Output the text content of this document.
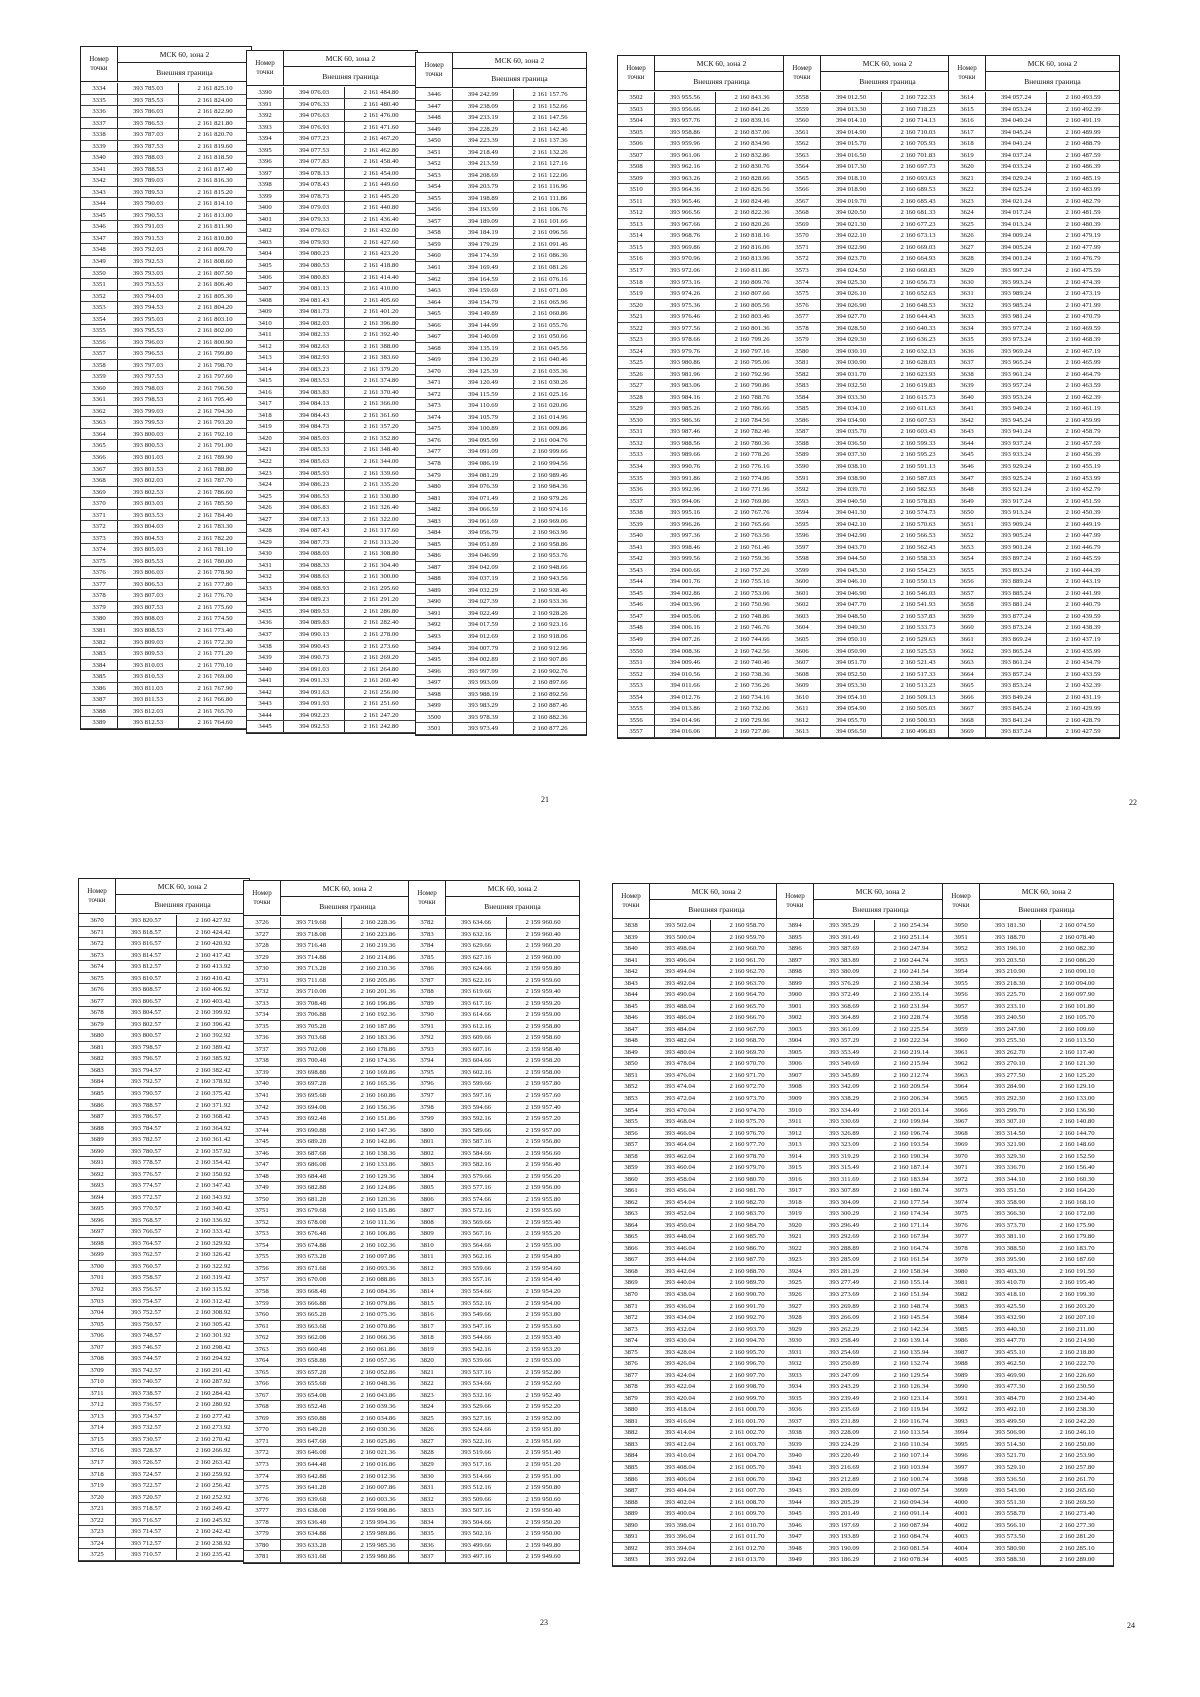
Номер
точки
МСК 60, зона 2
Внешняя граница
3334	393 785.03	2 161 825.10
3335	393 785.53	2 161 824.00
3336	393 786.03	2 161 822.90
3337	393 786.53	2 161 821.80
3338	393 787.03	2 161 820.70
3339	393 787.53	2 161 819.60
3340	393 788.03	2 161 818.50
3341	393 788.53	2 161 817.40
3342	393 789.03	2 161 816.30
3343	393 789.53	2 161 815.20
3344	393 790.03	2 161 814.10
3345	393 790.53	2 161 813.00
3346	393 791.03	2 161 811.90
3347	393 791.53	2 161 810.80
3348	393 792.03	2 161 809.70
3349	393 792.53	2 161 808.60
3350	393 793.03	2 161 807.50
3351	393 793.53	2 161 806.40
3352	393 794.03	2 161 805.30
3353	393 794.53	2 161 804.20
3354	393 795.03	2 161 803.10
3355	393 795.53	2 161 802.00
3356	393 796.03	2 161 800.90
3357	393 796.53	2 161 799.80
3358	393 797.03	2 161 798.70
3359	393 797.53	2 161 797.60
3360	393 798.03	2 161 796.50
3361	393 798.53	2 161 795.40
3362	393 799.03	2 161 794.30
3363	393 799.53	2 161 793.20
3364	393 800.03	2 161 792.10
3365	393 800.53	2 161 791.00
3366	393 801.03	2 161 789.90
3367	393 801.53	2 161 788.80
3368	393 802.03	2 161 787.70
3369	393 802.53	2 161 786.60
3370	393 803.03	2 161 785.50
3371	393 803.53	2 161 784.40
3372	393 804.03	2 161 783.30
3373	393 804.53	2 161 782.20
3374	393 805.03	2 161 781.10
3375	393 805.53	2 161 780.00
3376	393 806.03	2 161 778.90
3377	393 806.53	2 161 777.80
3378	393 807.03	2 161 776.70
3379	393 807.53	2 161 775.60
3380	393 808.03	2 161 774.50
3381	393 808.53	2 161 773.40
3382	393 809.03	2 161 772.30
3383	393 809.53	2 161 771.20
3384	393 810.03	2 161 770.10
3385	393 810.53	2 161 769.00
3386	393 811.03	2 161 767.90
3387	393 811.53	2 161 766.80
3388	393 812.03	2 161 765.70
3389	393 812.53	2 161 764.60
Номер
точки
МСК 60, зона 2
Внешняя граница
3390	394 076.03	2 161 484.80
3391	394 076.33	2 161 480.40
3392	394 076.63	2 161 476.00
3393	394 076.93	2 161 471.60
3394	394 077.23	2 161 467.20
3395	394 077.53	2 161 462.80
3396	394 077.83	2 161 458.40
3397	394 078.13	2 161 454.00
3398	394 078.43	2 161 449.60
3399	394 078.73	2 161 445.20
3400	394 079.03	2 161 440.80
3401	394 079.33	2 161 436.40
3402	394 079.63	2 161 432.00
3403	394 079.93	2 161 427.60
3404	394 080.23	2 161 423.20
3405	394 080.53	2 161 418.80
3406	394 080.83	2 161 414.40
3407	394 081.13	2 161 410.00
3408	394 081.43	2 161 405.60
3409	394 081.73	2 161 401.20
3410	394 082.03	2 161 396.80
3411	394 082.33	2 161 392.40
3412	394 082.63	2 161 388.00
3413	394 082.93	2 161 383.60
3414	394 083.23	2 161 379.20
3415	394 083.53	2 161 374.80
3416	394 083.83	2 161 370.40
3417	394 084.13	2 161 366.00
3418	394 084.43	2 161 361.60
3419	394 084.73	2 161 357.20
3420	394 085.03	2 161 352.80
3421	394 085.33	2 161 348.40
3422	394 085.63	2 161 344.00
3423	394 085.93	2 161 339.60
3424	394 086.23	2 161 335.20
3425	394 086.53	2 161 330.80
3426	394 086.83	2 161 326.40
3427	394 087.13	2 161 322.00
3428	394 087.43	2 161 317.60
3429	394 087.73	2 161 313.20
3430	394 088.03	2 161 308.80
3431	394 088.33	2 161 304.40
3432	394 088.63	2 161 300.00
3433	394 088.93	2 161 295.60
3434	394 089.23	2 161 291.20
3435	394 089.53	2 161 286.80
3436	394 089.83	2 161 282.40
3437	394 090.13	2 161 278.00
3438	394 090.43	2 161 273.60
3439	394 090.73	2 161 269.20
3440	394 091.03	2 161 264.80
3441	394 091.33	2 161 260.40
3442	394 091.63	2 161 256.00
3443	394 091.93	2 161 251.60
3444	394 092.23	2 161 247.20
3445	394 092.53	2 161 242.80
Номер
точки
МСК 60, зона 2
Внешняя граница
3446	394 242.99	2 161 157.76
3447	394 238.09	2 161 152.66
3448	394 233.19	2 161 147.56
3449	394 228.29	2 161 142.46
3450	394 223.39	2 161 137.36
3451	394 218.49	2 161 132.26
3452	394 213.59	2 161 127.16
3453	394 208.69	2 161 122.06
3454	394 203.79	2 161 116.96
3455	394 198.89	2 161 111.86
3456	394 193.99	2 161 106.76
3457	394 189.09	2 161 101.66
3458	394 184.19	2 161 096.56
3459	394 179.29	2 161 091.46
3460	394 174.39	2 161 086.36
3461	394 169.49	2 161 081.26
3462	394 164.59	2 161 076.16
3463	394 159.69	2 161 071.06
3464	394 154.79	2 161 065.96
3465	394 149.89	2 161 060.86
3466	394 144.99	2 161 055.76
3467	394 140.09	2 161 050.66
3468	394 135.19	2 161 045.56
3469	394 130.29	2 161 040.46
3470	394 125.39	2 161 035.36
3471	394 120.49	2 161 030.26
3472	394 115.59	2 161 025.16
3473	394 110.69	2 161 020.06
3474	394 105.79	2 161 014.96
3475	394 100.89	2 161 009.86
3476	394 095.99	2 161 004.76
3477	394 091.09	2 160 999.66
3478	394 086.19	2 160 994.56
3479	394 081.29	2 160 989.46
3480	394 076.39	2 160 984.36
3481	394 071.49	2 160 979.26
3482	394 066.59	2 160 974.16
3483	394 061.69	2 160 969.06
3484	394 056.79	2 160 963.96
3485	394 051.89	2 160 958.86
3486	394 046.99	2 160 953.76
3487	394 042.09	2 160 948.66
3488	394 037.19	2 160 943.56
3489	394 032.29	2 160 938.46
3490	394 027.39	2 160 933.36
3491	394 022.49	2 160 928.26
3492	394 017.59	2 160 923.16
3493	394 012.69	2 160 918.06
3494	394 007.79	2 160 912.96
3495	394 002.89	2 160 907.86
3496	393 997.99	2 160 902.76
3497	393 993.09	2 160 897.66
3498	393 988.19	2 160 892.56
3499	393 983.29	2 160 887.46
3500	393 978.39	2 160 882.36
3501	393 973.49	2 160 877.26
Номер
точки
МСК 60, зона 2
Внешняя граница
3502	393 955.56	2 160 843.36
3503	393 956.66	2 160 841.26
3504	393 957.76	2 160 839.16
3505	393 958.86	2 160 837.06
3506	393 959.96	2 160 834.96
3507	393 961.06	2 160 832.86
3508	393 962.16	2 160 830.76
3509	393 963.26	2 160 828.66
3510	393 964.36	2 160 826.56
3511	393 965.46	2 160 824.46
3512	393 966.56	2 160 822.36
3513	393 967.66	2 160 820.26
3514	393 968.76	2 160 818.16
3515	393 969.86	2 160 816.06
3516	393 970.96	2 160 813.96
3517	393 972.06	2 160 811.86
3518	393 973.16	2 160 809.76
3519	393 974.26	2 160 807.66
3520	393 975.36	2 160 805.56
3521	393 976.46	2 160 803.46
3522	393 977.56	2 160 801.36
3523	393 978.66	2 160 799.26
3524	393 979.76	2 160 797.16
3525	393 980.86	2 160 795.06
3526	393 981.96	2 160 792.96
3527	393 983.06	2 160 790.86
3528	393 984.16	2 160 788.76
3529	393 985.26	2 160 786.66
3530	393 986.36	2 160 784.56
3531	393 987.46	2 160 782.46
3532	393 988.56	2 160 780.36
3533	393 989.66	2 160 778.26
3534	393 990.76	2 160 776.16
3535	393 991.86	2 160 774.06
3536	393 992.96	2 160 771.96
3537	393 994.06	2 160 769.86
3538	393 995.16	2 160 767.76
3539	393 996.26	2 160 765.66
3540	393 997.36	2 160 763.56
3541	393 998.46	2 160 761.46
3542	393 999.56	2 160 759.36
3543	394 000.66	2 160 757.26
3544	394 001.76	2 160 755.16
3545	394 002.86	2 160 753.06
3546	394 003.96	2 160 750.96
3547	394 005.06	2 160 748.86
3548	394 006.16	2 160 746.76
3549	394 007.26	2 160 744.66
3550	394 008.36	2 160 742.56
3551	394 009.46	2 160 740.46
3552	394 010.56	2 160 738.36
3553	394 011.66	2 160 736.26
3554	394 012.76	2 160 734.16
3555	394 013.86	2 160 732.06
3556	394 014.96	2 160 729.96
3557	394 016.06	2 160 727.86
Номер
точки
МСК 60, зона 2
Внешняя граница
3558	394 012.50	2 160 722.33
3559	394 013.30	2 160 718.23
3560	394 014.10	2 160 714.13
3561	394 014.90	2 160 710.03
3562	394 015.70	2 160 705.93
3563	394 016.50	2 160 701.83
3564	394 017.30	2 160 697.73
3565	394 018.10	2 160 693.63
3566	394 018.90	2 160 689.53
3567	394 019.70	2 160 685.43
3568	394 020.50	2 160 681.33
3569	394 021.30	2 160 677.23
3570	394 022.10	2 160 673.13
3571	394 022.90	2 160 669.03
3572	394 023.70	2 160 664.93
3573	394 024.50	2 160 660.83
3574	394 025.30	2 160 656.73
3575	394 026.10	2 160 652.63
3576	394 026.90	2 160 648.53
3577	394 027.70	2 160 644.43
3578	394 028.50	2 160 640.33
3579	394 029.30	2 160 636.23
3580	394 030.10	2 160 632.13
3581	394 030.90	2 160 628.03
3582	394 031.70	2 160 623.93
3583	394 032.50	2 160 619.83
3584	394 033.30	2 160 615.73
3585	394 034.10	2 160 611.63
3586	394 034.90	2 160 607.53
3587	394 035.70	2 160 603.43
3588	394 036.50	2 160 599.33
3589	394 037.30	2 160 595.23
3590	394 038.10	2 160 591.13
3591	394 038.90	2 160 587.03
3592	394 039.70	2 160 582.93
3593	394 040.50	2 160 578.83
3594	394 041.30	2 160 574.73
3595	394 042.10	2 160 570.63
3596	394 042.90	2 160 566.53
3597	394 043.70	2 160 562.43
3598	394 044.50	2 160 558.33
3599	394 045.30	2 160 554.23
3600	394 046.10	2 160 550.13
3601	394 046.90	2 160 546.03
3602	394 047.70	2 160 541.93
3603	394 048.50	2 160 537.83
3604	394 049.30	2 160 533.73
3605	394 050.10	2 160 529.63
3606	394 050.90	2 160 525.53
3607	394 051.70	2 160 521.43
3608	394 052.50	2 160 517.33
3609	394 053.30	2 160 513.23
3610	394 054.10	2 160 509.13
3611	394 054.90	2 160 505.03
3612	394 055.70	2 160 500.93
3613	394 056.50	2 160 496.83
Номер
точки
МСК 60, зона 2
Внешняя граница
3614	394 057.24	2 160 493.59
3615	394 053.24	2 160 492.39
3616	394 049.24	2 160 491.19
3617	394 045.24	2 160 489.99
3618	394 041.24	2 160 488.79
3619	394 037.24	2 160 487.59
3620	394 033.24	2 160 486.39
3621	394 029.24	2 160 485.19
3622	394 025.24	2 160 483.99
3623	394 021.24	2 160 482.79
3624	394 017.24	2 160 481.59
3625	394 013.24	2 160 480.39
3626	394 009.24	2 160 479.19
3627	394 005.24	2 160 477.99
3628	394 001.24	2 160 476.79
3629	393 997.24	2 160 475.59
3630	393 993.24	2 160 474.39
3631	393 989.24	2 160 473.19
3632	393 985.24	2 160 471.99
3633	393 981.24	2 160 470.79
3634	393 977.24	2 160 469.59
3635	393 973.24	2 160 468.39
3636	393 969.24	2 160 467.19
3637	393 965.24	2 160 465.99
3638	393 961.24	2 160 464.79
3639	393 957.24	2 160 463.59
3640	393 953.24	2 160 462.39
3641	393 949.24	2 160 461.19
3642	393 945.24	2 160 459.99
3643	393 941.24	2 160 458.79
3644	393 937.24	2 160 457.59
3645	393 933.24	2 160 456.39
3646	393 929.24	2 160 455.19
3647	393 925.24	2 160 453.99
3648	393 921.24	2 160 452.79
3649	393 917.24	2 160 451.59
3650	393 913.24	2 160 450.39
3651	393 909.24	2 160 449.19
3652	393 905.24	2 160 447.99
3653	393 901.24	2 160 446.79
3654	393 897.24	2 160 445.59
3655	393 893.24	2 160 444.39
3656	393 889.24	2 160 443.19
3657	393 885.24	2 160 441.99
3658	393 881.24	2 160 440.79
3659	393 877.24	2 160 439.59
3660	393 873.24	2 160 438.39
3661	393 869.24	2 160 437.19
3662	393 865.24	2 160 435.99
3663	393 861.24	2 160 434.79
3664	393 857.24	2 160 433.59
3665	393 853.24	2 160 432.39
3666	393 849.24	2 160 431.19
3667	393 845.24	2 160 429.99
3668	393 841.24	2 160 428.79
3669	393 837.24	2 160 427.59
21	22
Номер
точки
МСК 60, зона 2
Внешняя граница
3670	393 820.57	2 160 427.92
3671	393 818.57	2 160 424.42
3672	393 816.57	2 160 420.92
3673	393 814.57	2 160 417.42
3674	393 812.57	2 160 413.92
3675	393 810.57	2 160 410.42
3676	393 808.57	2 160 406.92
3677	393 806.57	2 160 403.42
3678	393 804.57	2 160 399.92
3679	393 802.57	2 160 396.42
3680	393 800.57	2 160 392.92
3681	393 798.57	2 160 389.42
3682	393 796.57	2 160 385.92
3683	393 794.57	2 160 382.42
3684	393 792.57	2 160 378.92
3685	393 790.57	2 160 375.42
3686	393 788.57	2 160 371.92
3687	393 786.57	2 160 368.42
3688	393 784.57	2 160 364.92
3689	393 782.57	2 160 361.42
3690	393 780.57	2 160 357.92
3691	393 778.57	2 160 354.42
3692	393 776.57	2 160 350.92
3693	393 774.57	2 160 347.42
3694	393 772.57	2 160 343.92
3695	393 770.57	2 160 340.42
3696	393 768.57	2 160 336.92
3697	393 766.57	2 160 333.42
3698	393 764.57	2 160 329.92
3699	393 762.57	2 160 326.42
3700	393 760.57	2 160 322.92
3701	393 758.57	2 160 319.42
3702	393 756.57	2 160 315.92
3703	393 754.57	2 160 312.42
3704	393 752.57	2 160 308.92
3705	393 750.57	2 160 305.42
3706	393 748.57	2 160 301.92
3707	393 746.57	2 160 298.42
3708	393 744.57	2 160 294.92
3709	393 742.57	2 160 291.42
3710	393 740.57	2 160 287.92
3711	393 738.57	2 160 284.42
3712	393 736.57	2 160 280.92
3713	393 734.57	2 160 277.42
3714	393 732.57	2 160 273.92
3715	393 730.57	2 160 270.42
3716	393 728.57	2 160 266.92
3717	393 726.57	2 160 263.42
3718	393 724.57	2 160 259.92
3719	393 722.57	2 160 256.42
3720	393 720.57	2 160 252.92
3721	393 718.57	2 160 249.42
3722	393 716.57	2 160 245.92
3723	393 714.57	2 160 242.42
3724	393 712.57	2 160 238.92
3725	393 710.57	2 160 235.42
Номер
точки
МСК 60, зона 2
Внешняя граница
3726	393 719.68	2 160 228.36
3727	393 718.08	2 160 223.86
3728	393 716.48	2 160 219.36
3729	393 714.88	2 160 214.86
3730	393 713.28	2 160 210.36
3731	393 711.68	2 160 205.86
3732	393 710.08	2 160 201.36
3733	393 708.48	2 160 196.86
3734	393 706.88	2 160 192.36
3735	393 705.28	2 160 187.86
3736	393 703.68	2 160 183.36
3737	393 702.08	2 160 178.86
3738	393 700.48	2 160 174.36
3739	393 698.88	2 160 169.86
3740	393 697.28	2 160 165.36
3741	393 695.68	2 160 160.86
3742	393 694.08	2 160 156.36
3743	393 692.48	2 160 151.86
3744	393 690.88	2 160 147.36
3745	393 689.28	2 160 142.86
3746	393 687.68	2 160 138.36
3747	393 686.08	2 160 133.86
3748	393 684.48	2 160 129.36
3749	393 682.88	2 160 124.86
3750	393 681.28	2 160 120.36
3751	393 679.68	2 160 115.86
3752	393 678.08	2 160 111.36
3753	393 676.48	2 160 106.86
3754	393 674.88	2 160 102.36
3755	393 673.28	2 160 097.86
3756	393 671.68	2 160 093.36
3757	393 670.08	2 160 088.86
3758	393 668.48	2 160 084.36
3759	393 666.88	2 160 079.86
3760	393 665.28	2 160 075.36
3761	393 663.68	2 160 070.86
3762	393 662.08	2 160 066.36
3763	393 660.48	2 160 061.86
3764	393 658.88	2 160 057.36
3765	393 657.28	2 160 052.86
3766	393 655.68	2 160 048.36
3767	393 654.08	2 160 043.86
3768	393 652.48	2 160 039.36
3769	393 650.88	2 160 034.86
3770	393 649.28	2 160 030.36
3771	393 647.68	2 160 025.86
3772	393 646.08	2 160 021.36
3773	393 644.48	2 160 016.86
3774	393 642.88	2 160 012.36
3775	393 641.28	2 160 007.86
3776	393 639.68	2 160 003.36
3777	393 638.08	2 159 998.86
3778	393 636.48	2 159 994.36
3779	393 634.88	2 159 989.86
3780	393 633.28	2 159 985.36
3781	393 631.68	2 159 980.86
Номер
точки
МСК 60, зона 2
Внешняя граница
3782	393 634.66	2 159 960.60
3783	393 632.16	2 159 960.40
3784	393 629.66	2 159 960.20
3785	393 627.16	2 159 960.00
3786	393 624.66	2 159 959.80
3787	393 622.16	2 159 959.60
3788	393 619.66	2 159 959.40
3789	393 617.16	2 159 959.20
3790	393 614.66	2 159 959.00
3791	393 612.16	2 159 958.80
3792	393 609.66	2 159 958.60
3793	393 607.16	2 159 958.40
3794	393 604.66	2 159 958.20
3795	393 602.16	2 159 958.00
3796	393 599.66	2 159 957.80
3797	393 597.16	2 159 957.60
3798	393 594.66	2 159 957.40
3799	393 592.16	2 159 957.20
3800	393 589.66	2 159 957.00
3801	393 587.16	2 159 956.80
3802	393 584.66	2 159 956.60
3803	393 582.16	2 159 956.40
3804	393 579.66	2 159 956.20
3805	393 577.16	2 159 956.00
3806	393 574.66	2 159 955.80
3807	393 572.16	2 159 955.60
3808	393 569.66	2 159 955.40
3809	393 567.16	2 159 955.20
3810	393 564.66	2 159 955.00
3811	393 562.16	2 159 954.80
3812	393 559.66	2 159 954.60
3813	393 557.16	2 159 954.40
3814	393 554.66	2 159 954.20
3815	393 552.16	2 159 954.00
3816	393 549.66	2 159 953.80
3817	393 547.16	2 159 953.60
3818	393 544.66	2 159 953.40
3819	393 542.16	2 159 953.20
3820	393 539.66	2 159 953.00
3821	393 537.16	2 159 952.80
3822	393 534.66	2 159 952.60
3823	393 532.16	2 159 952.40
3824	393 529.66	2 159 952.20
3825	393 527.16	2 159 952.00
3826	393 524.66	2 159 951.80
3827	393 522.16	2 159 951.60
3828	393 519.66	2 159 951.40
3829	393 517.16	2 159 951.20
3830	393 514.66	2 159 951.00
3831	393 512.16	2 159 950.80
3832	393 509.66	2 159 950.60
3833	393 507.16	2 159 950.40
3834	393 504.66	2 159 950.20
3835	393 502.16	2 159 950.00
3836	393 499.66	2 159 949.80
3837	393 497.16	2 159 949.60
Номер
точки
МСК 60, зона 2
Внешняя граница
3838	393 502.04	2 160 958.70
3839	393 500.04	2 160 959.70
3840	393 498.04	2 160 960.70
3841	393 496.04	2 160 961.70
3842	393 494.04	2 160 962.70
3843	393 492.04	2 160 963.70
3844	393 490.04	2 160 964.70
3845	393 488.04	2 160 965.70
3846	393 486.04	2 160 966.70
3847	393 484.04	2 160 967.70
3848	393 482.04	2 160 968.70
3849	393 480.04	2 160 969.70
3850	393 478.04	2 160 970.70
3851	393 476.04	2 160 971.70
3852	393 474.04	2 160 972.70
3853	393 472.04	2 160 973.70
3854	393 470.04	2 160 974.70
3855	393 468.04	2 160 975.70
3856	393 466.04	2 160 976.70
3857	393 464.04	2 160 977.70
3858	393 462.04	2 160 978.70
3859	393 460.04	2 160 979.70
3860	393 458.04	2 160 980.70
3861	393 456.04	2 160 981.70
3862	393 454.04	2 160 982.70
3863	393 452.04	2 160 983.70
3864	393 450.04	2 160 984.70
3865	393 448.04	2 160 985.70
3866	393 446.04	2 160 986.70
3867	393 444.04	2 160 987.70
3868	393 442.04	2 160 988.70
3869	393 440.04	2 160 989.70
3870	393 438.04	2 160 990.70
3871	393 436.04	2 160 991.70
3872	393 434.04	2 160 992.70
3873	393 432.04	2 160 993.70
3874	393 430.04	2 160 994.70
3875	393 428.04	2 160 995.70
3876	393 426.04	2 160 996.70
3877	393 424.04	2 160 997.70
3878	393 422.04	2 160 998.70
3879	393 420.04	2 160 999.70
3880	393 418.04	2 161 000.70
3881	393 416.04	2 161 001.70
3882	393 414.04	2 161 002.70
3883	393 412.04	2 161 003.70
3884	393 410.04	2 161 004.70
3885	393 408.04	2 161 005.70
3886	393 406.04	2 161 006.70
3887	393 404.04	2 161 007.70
3888	393 402.04	2 161 008.70
3889	393 400.04	2 161 009.70
3890	393 398.04	2 161 010.70
3891	393 396.04	2 161 011.70
3892	393 394.04	2 161 012.70
3893	393 392.04	2 161 013.70
Номер
точки
МСК 60, зона 2
Внешняя граница
3894	393 395.29	2 160 254.34
3895	393 391.49	2 160 251.14
3896	393 387.69	2 160 247.94
3897	393 383.89	2 160 244.74
3898	393 380.09	2 160 241.54
3899	393 376.29	2 160 238.34
3900	393 372.49	2 160 235.14
3901	393 368.69	2 160 231.94
3902	393 364.89	2 160 228.74
3903	393 361.09	2 160 225.54
3904	393 357.29	2 160 222.34
3905	393 353.49	2 160 219.14
3906	393 349.69	2 160 215.94
3907	393 345.89	2 160 212.74
3908	393 342.09	2 160 209.54
3909	393 338.29	2 160 206.34
3910	393 334.49	2 160 203.14
3911	393 330.69	2 160 199.94
3912	393 326.89	2 160 196.74
3913	393 323.09	2 160 193.54
3914	393 319.29	2 160 190.34
3915	393 315.49	2 160 187.14
3916	393 311.69	2 160 183.94
3917	393 307.89	2 160 180.74
3918	393 304.09	2 160 177.54
3919	393 300.29	2 160 174.34
3920	393 296.49	2 160 171.14
3921	393 292.69	2 160 167.94
3922	393 288.89	2 160 164.74
3923	393 285.09	2 160 161.54
3924	393 281.29	2 160 158.34
3925	393 277.49	2 160 155.14
3926	393 273.69	2 160 151.94
3927	393 269.89	2 160 148.74
3928	393 266.09	2 160 145.54
3929	393 262.29	2 160 142.34
3930	393 258.49	2 160 139.14
3931	393 254.69	2 160 135.94
3932	393 250.89	2 160 132.74
3933	393 247.09	2 160 129.54
3934	393 243.29	2 160 126.34
3935	393 239.49	2 160 123.14
3936	393 235.69	2 160 119.94
3937	393 231.89	2 160 116.74
3938	393 228.09	2 160 113.54
3939	393 224.29	2 160 110.34
3940	393 220.49	2 160 107.14
3941	393 216.69	2 160 103.94
3942	393 212.89	2 160 100.74
3943	393 209.09	2 160 097.54
3944	393 205.29	2 160 094.34
3945	393 201.49	2 160 091.14
3946	393 197.69	2 160 087.94
3947	393 193.89	2 160 084.74
3948	393 190.09	2 160 081.54
3949	393 186.29	2 160 078.34
Номер
точки
МСК 60, зона 2
Внешняя граница
3950	393 181.30	2 160 074.50
3951	393 188.70	2 160 078.40
3952	393 196.10	2 160 082.30
3953	393 203.50	2 160 086.20
3954	393 210.90	2 160 090.10
3955	393 218.30	2 160 094.00
3956	393 225.70	2 160 097.90
3957	393 233.10	2 160 101.80
3958	393 240.50	2 160 105.70
3959	393 247.90	2 160 109.60
3960	393 255.30	2 160 113.50
3961	393 262.70	2 160 117.40
3962	393 270.10	2 160 121.30
3963	393 277.50	2 160 125.20
3964	393 284.90	2 160 129.10
3965	393 292.30	2 160 133.00
3966	393 299.70	2 160 136.90
3967	393 307.10	2 160 140.80
3968	393 314.50	2 160 144.70
3969	393 321.90	2 160 148.60
3970	393 329.30	2 160 152.50
3971	393 336.70	2 160 156.40
3972	393 344.10	2 160 160.30
3973	393 351.50	2 160 164.20
3974	393 358.90	2 160 168.10
3975	393 366.30	2 160 172.00
3976	393 373.70	2 160 175.90
3977	393 381.10	2 160 179.80
3978	393 388.50	2 160 183.70
3979	393 395.90	2 160 187.60
3980	393 403.30	2 160 191.50
3981	393 410.70	2 160 195.40
3982	393 418.10	2 160 199.30
3983	393 425.50	2 160 203.20
3984	393 432.90	2 160 207.10
3985	393 440.30	2 160 211.00
3986	393 447.70	2 160 214.90
3987	393 455.10	2 160 218.80
3988	393 462.50	2 160 222.70
3989	393 469.90	2 160 226.60
3990	393 477.30	2 160 230.50
3991	393 484.70	2 160 234.40
3992	393 492.10	2 160 238.30
3993	393 499.50	2 160 242.20
3994	393 506.90	2 160 246.10
3995	393 514.30	2 160 250.00
3996	393 521.70	2 160 253.90
3997	393 529.10	2 160 257.80
3998	393 536.50	2 160 261.70
3999	393 543.90	2 160 265.60
4000	393 551.30	2 160 269.50
4001	393 558.70	2 160 273.40
4002	393 566.10	2 160 277.30
4003	393 573.50	2 160 281.20
4004	393 580.90	2 160 285.10
4005	393 588.30	2 160 289.00
23	24
